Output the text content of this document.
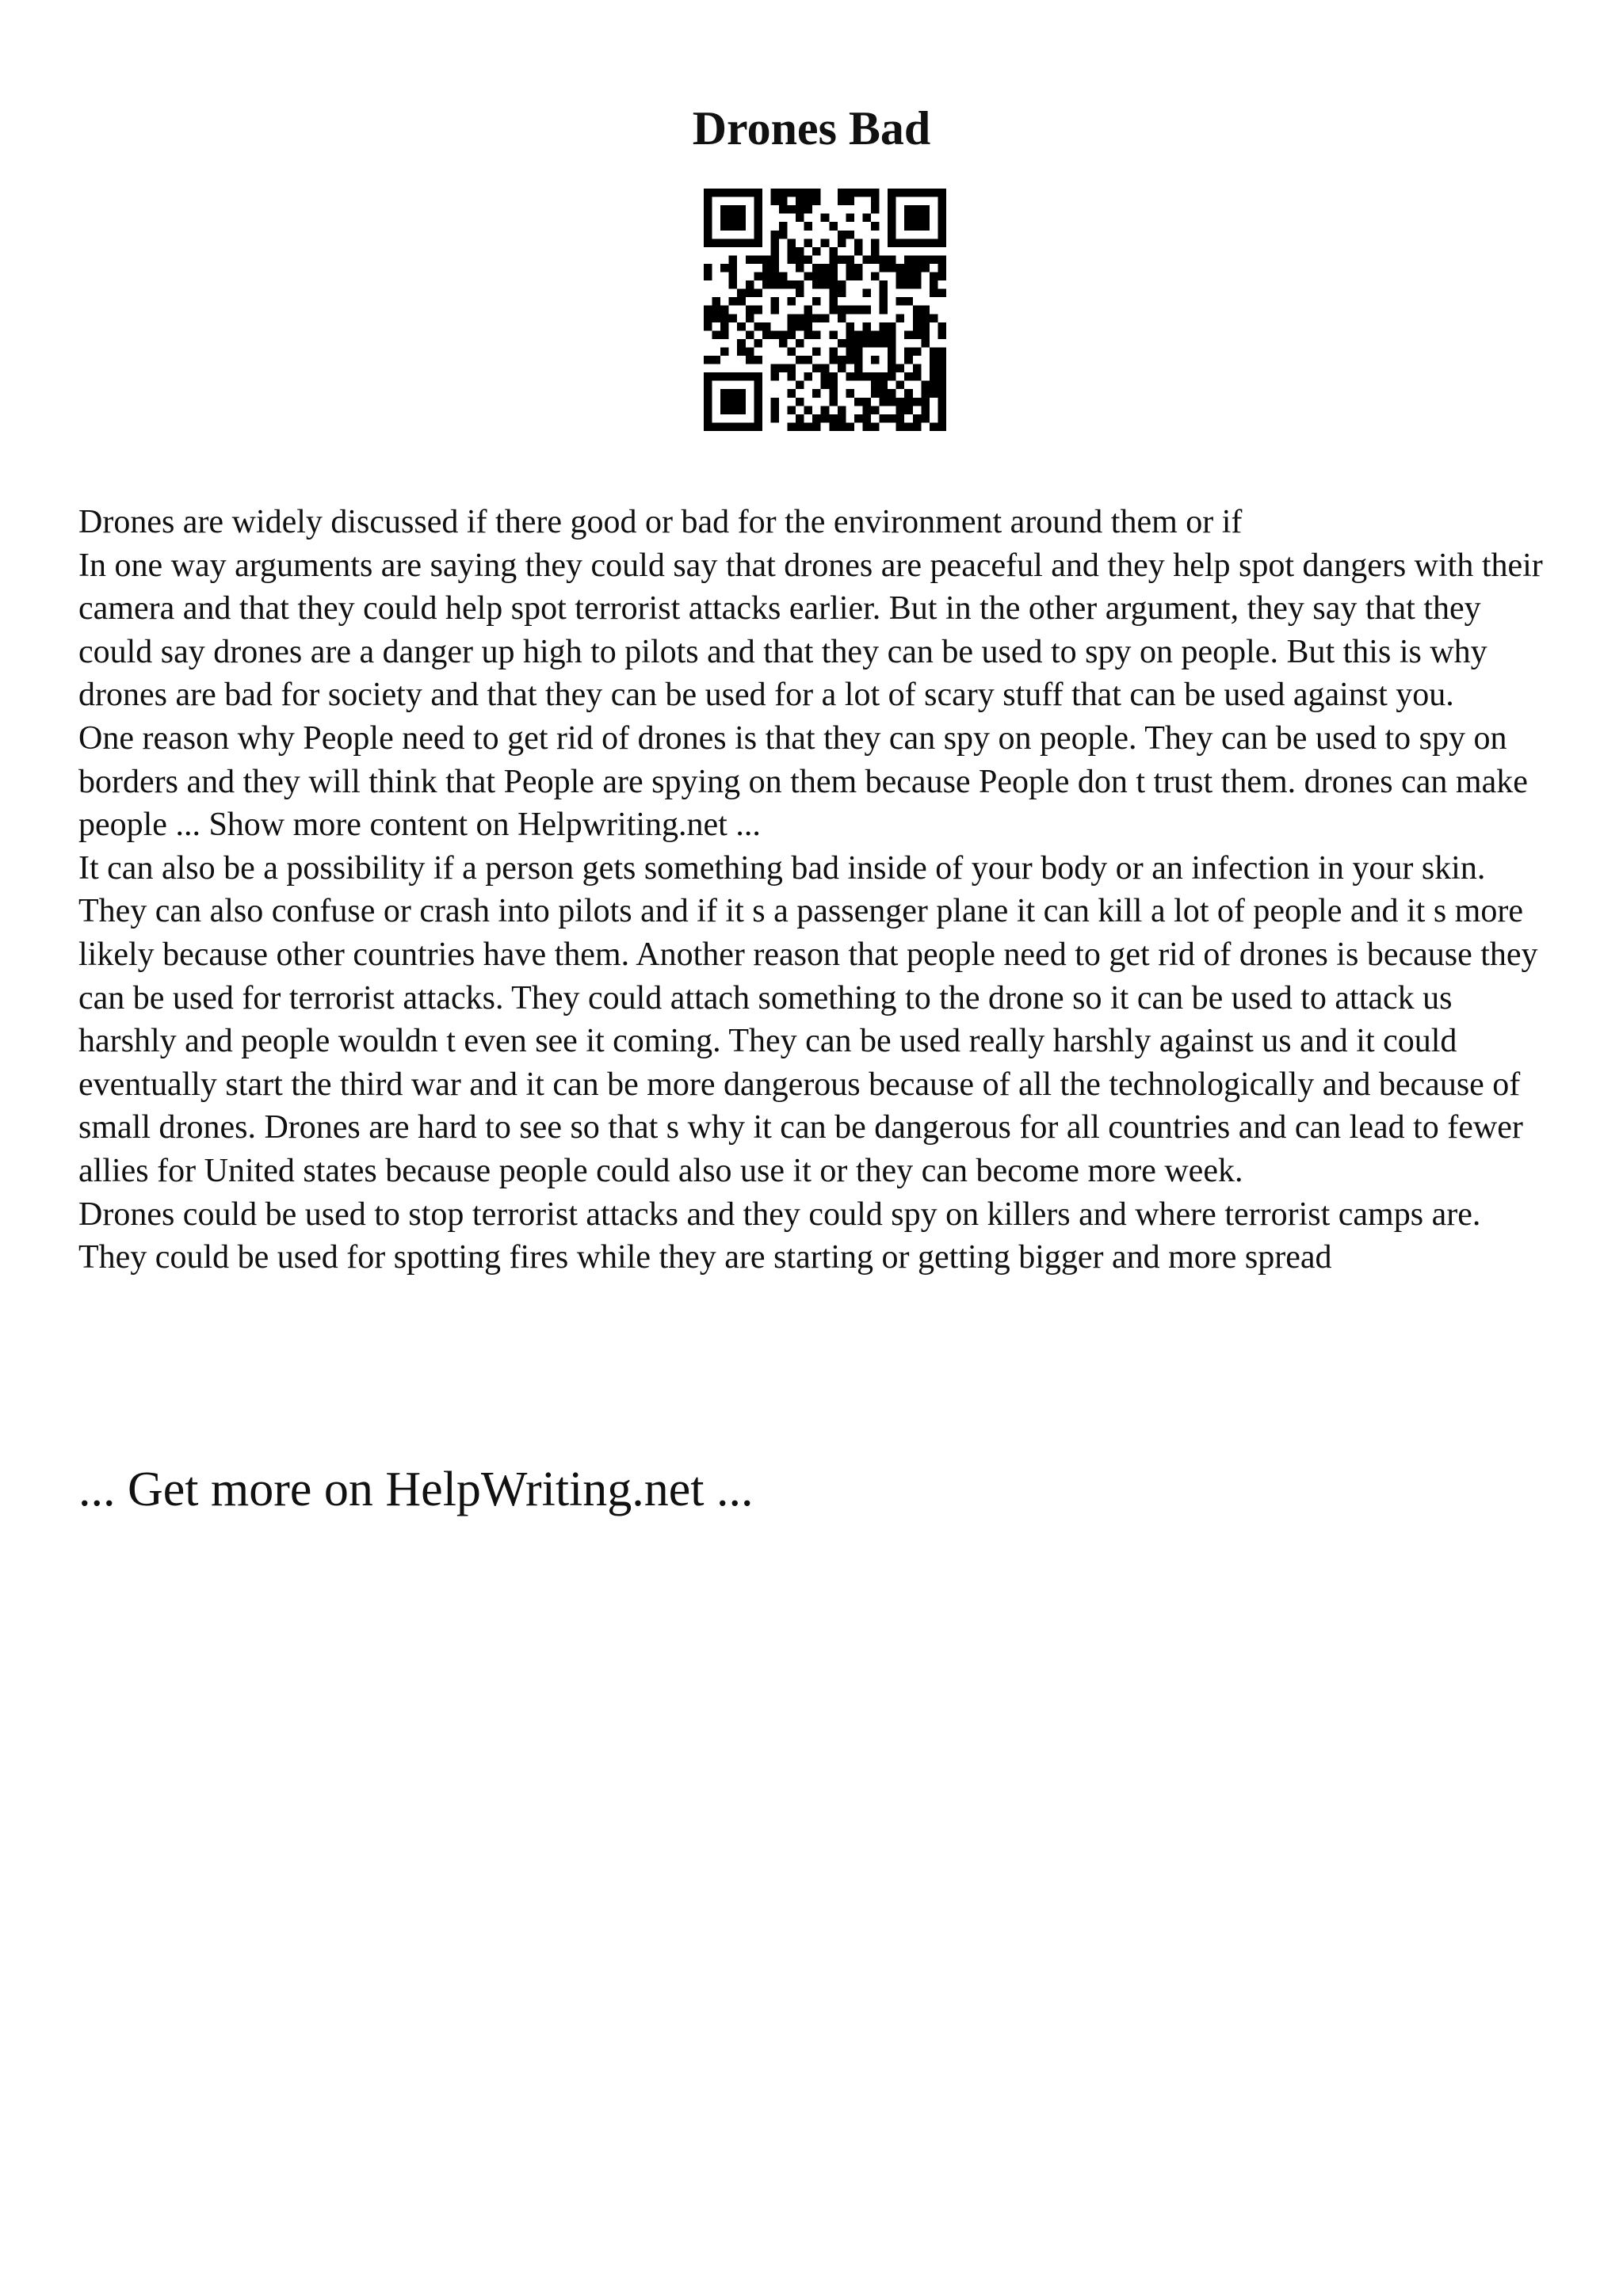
Drones Bad

Drones are widely discussed if there good or bad for the environment around them or if

In one way arguments are saying they could say that drones are peaceful and they help spot dangers with their camera and that they could help spot terrorist attacks earlier. But in the other argument, they say that they could say drones are a danger up high to pilots and that they can be used to spy on people. But this is why drones are bad for society and that they can be used for a lot of scary stuff that can be used against you.

One reason why People need to get rid of drones is that they can spy on people. They can be used to spy on borders and they will think that People are spying on them because People don t trust them. drones can make people ... Show more content on Helpwriting.net ...

It can also be a possibility if a person gets something bad inside of your body or an infection in your skin. They can also confuse or crash into pilots and if it s a passenger plane it can kill a lot of people and it s more likely because other countries have them. Another reason that people need to get rid of drones is because they can be used for terrorist attacks. They could attach something to the drone so it can be used to attack us harshly and people wouldn t even see it coming. They can be used really harshly against us and it could eventually start the third war and it can be more dangerous because of all the technologically and because of small drones. Drones are hard to see so that s why it can be dangerous for all countries and can lead to fewer allies for United states because people could also use it or they can become more week.

Drones could be used to stop terrorist attacks and they could spy on killers and where terrorist camps are. They could be used for spotting fires while they are starting or getting bigger and more spread

... Get more on HelpWriting.net ...
